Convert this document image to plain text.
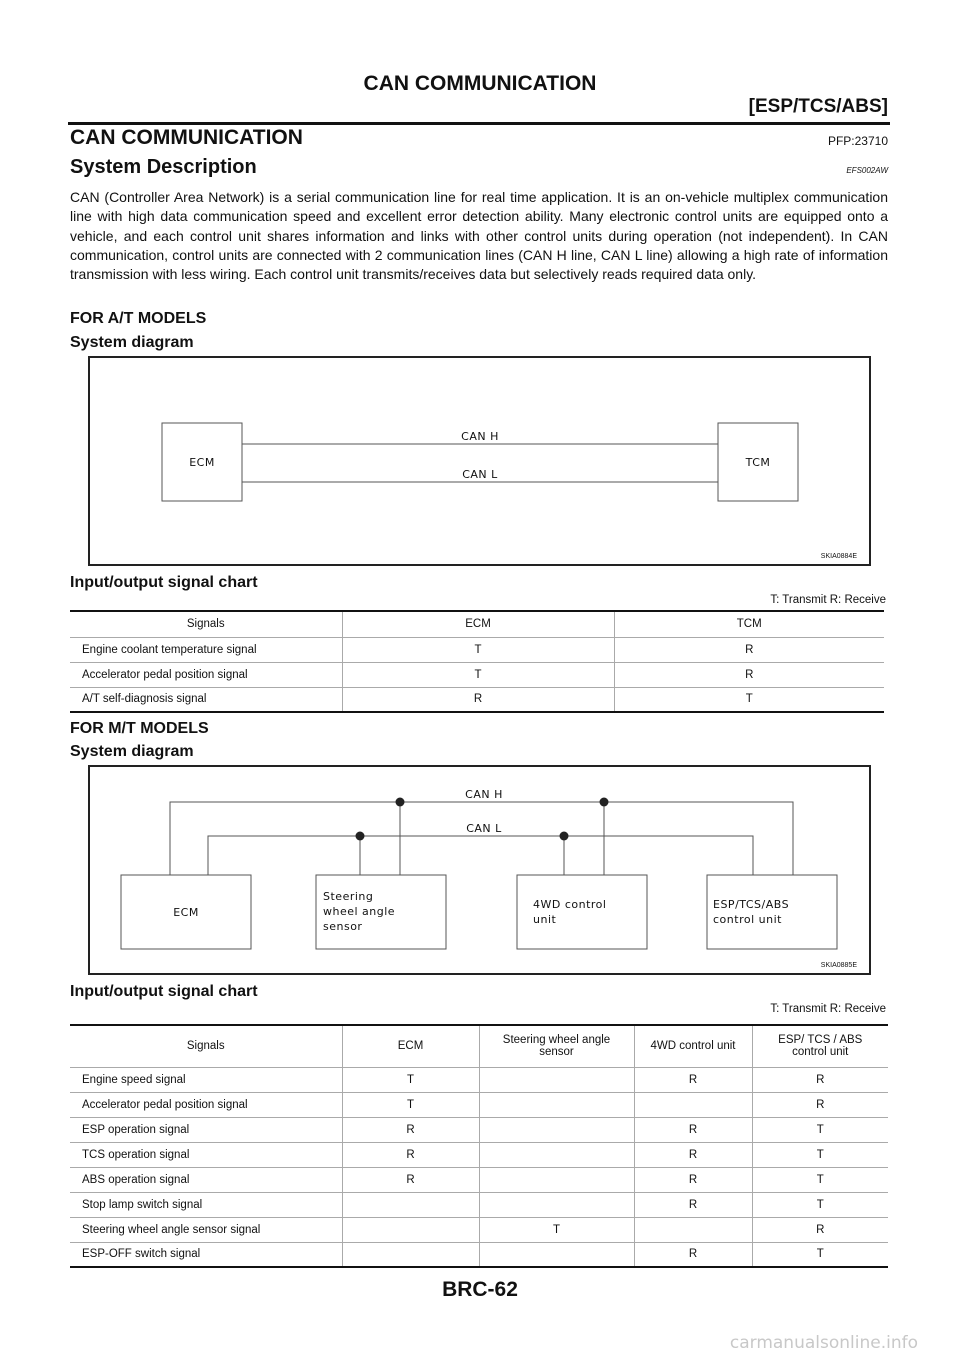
CAN COMMUNICATION
[ESP/TCS/ABS]
CAN COMMUNICATION	PFP:23710
System Description	EFS002AW
CAN (Controller Area Network) is a serial communication line for real time application. It is an on-vehicle multiplex communication line with high data communication speed and excellent error detection ability. Many electronic control units are equipped onto a vehicle, and each control unit shares information and links with other control units during operation (not independent). In CAN communication, control units are connected with 2 communication lines (CAN H line, CAN L line) allowing a high rate of information transmission with less wiring. Each control unit transmits/receives data but selectively reads required data only.
FOR A/T MODELS
System diagram
ECM	TCM
CAN H
CAN L
SKIA0884E
Input/output signal chart
T: Transmit R: Receive
Signals	ECM	TCM
Engine coolant temperature signal	T	R
Accelerator pedal position signal	T	R
A/T self-diagnosis signal	R	T
FOR M/T MODELS
System diagram
CAN H
CAN L
ECM
Steering
wheel angle
sensor
4WD control
unit
ESP/TCS/ABS
control unit
SKIA0885E
Input/output signal chart
T: Transmit R: Receive
Signals	ECM	Steering wheel angle sensor	4WD control unit	ESP/ TCS / ABS control unit
Engine speed signal	T		R	R
Accelerator pedal position signal	T			R
ESP operation signal	R		R	T
TCS operation signal	R		R	T
ABS operation signal	R		R	T
Stop lamp switch signal			R	T
Steering wheel angle sensor signal		T		R
ESP-OFF switch signal			R	T
BRC-62
carmanualsonline.info
